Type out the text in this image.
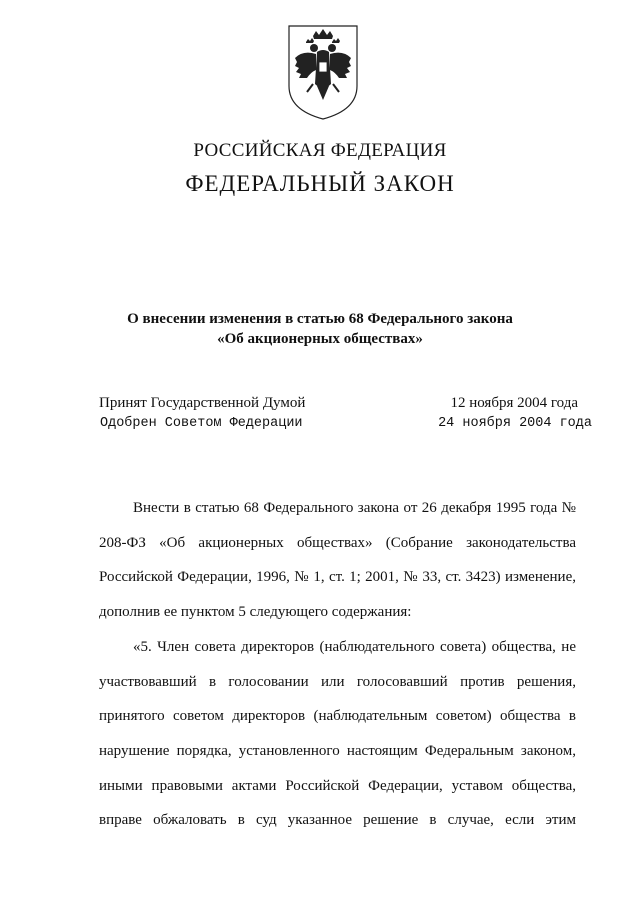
РОССИЙСКАЯ ФЕДЕРАЦИЯ
ФЕДЕРАЛЬНЫЙ ЗАКОН
О внесении изменения в статью 68 Федерального закона
«Об акционерных обществах»
Принят Государственной Думой	12 ноября 2004 года
Одобрен Советом Федерации	24 ноября 2004 года

Внести в статью 68 Федерального закона от 26 декабря 1995 года № 208-ФЗ «Об акционерных обществах» (Собрание законодательства Российской Федерации, 1996, № 1, ст. 1; 2001, № 33, ст. 3423) изменение, дополнив ее пунктом 5 следующего содержания:

«5. Член совета директоров (наблюдательного совета) общества, не участвовавший в голосовании или голосовавший против решения, принятого советом директоров (наблюдательным советом) общества в нарушение порядка, установленного настоящим Федеральным законом, иными правовыми актами Российской Федерации, уставом общества, вправе обжаловать в суд указанное решение в случае, если этим
